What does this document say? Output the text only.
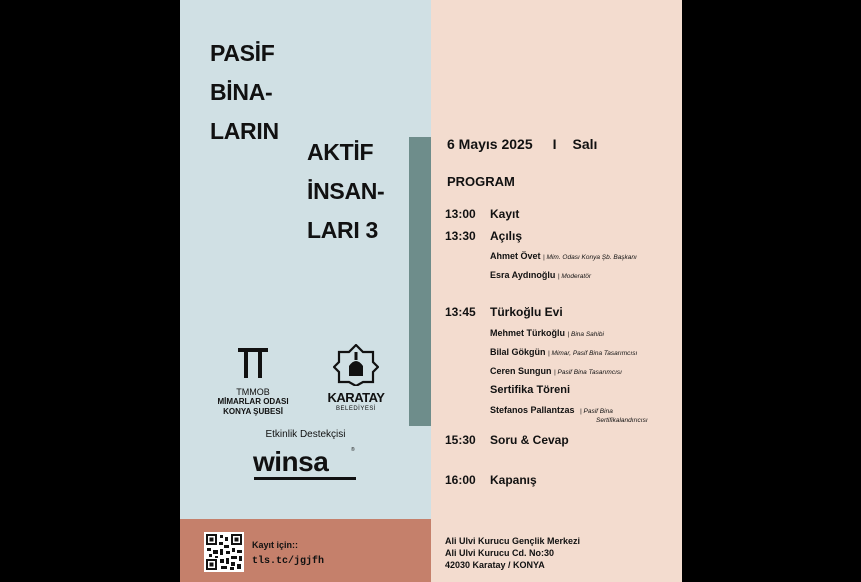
PASİF
BİNA-
LARIN
AKTİF
İNSAN-
LARI 3
TMMOB
MİMARLAR ODASI
KONYA ŞUBESİ
KARATAY
BELEDİYESİ
Etkinlik Destekçisi
winsa	®
Kayıt için::
tls.tc/jgjfh
6 Mayıs 2025 I Salı
PROGRAM
13:00 Kayıt
13:30 Açılış
Ahmet Övet | Mim. Odası Konya Şb. Başkanı
Esra Aydınoğlu | Moderatör
13:45 Türkoğlu Evi
Mehmet Türkoğlu | Bina Sahibi
Bilal Gökgün | Mimar, Pasif Bina Tasarımcısı
Ceren Sungun | Pasif Bina Tasarımcısı
Sertifika Töreni
Stefanos Pallantzas | Pasif Bina
Sertifikalandırıcısı
15:30 Soru & Cevap
16:00 Kapanış
Ali Ulvi Kurucu Gençlik Merkezi
Ali Ulvi Kurucu Cd. No:30
42030 Karatay / KONYA
